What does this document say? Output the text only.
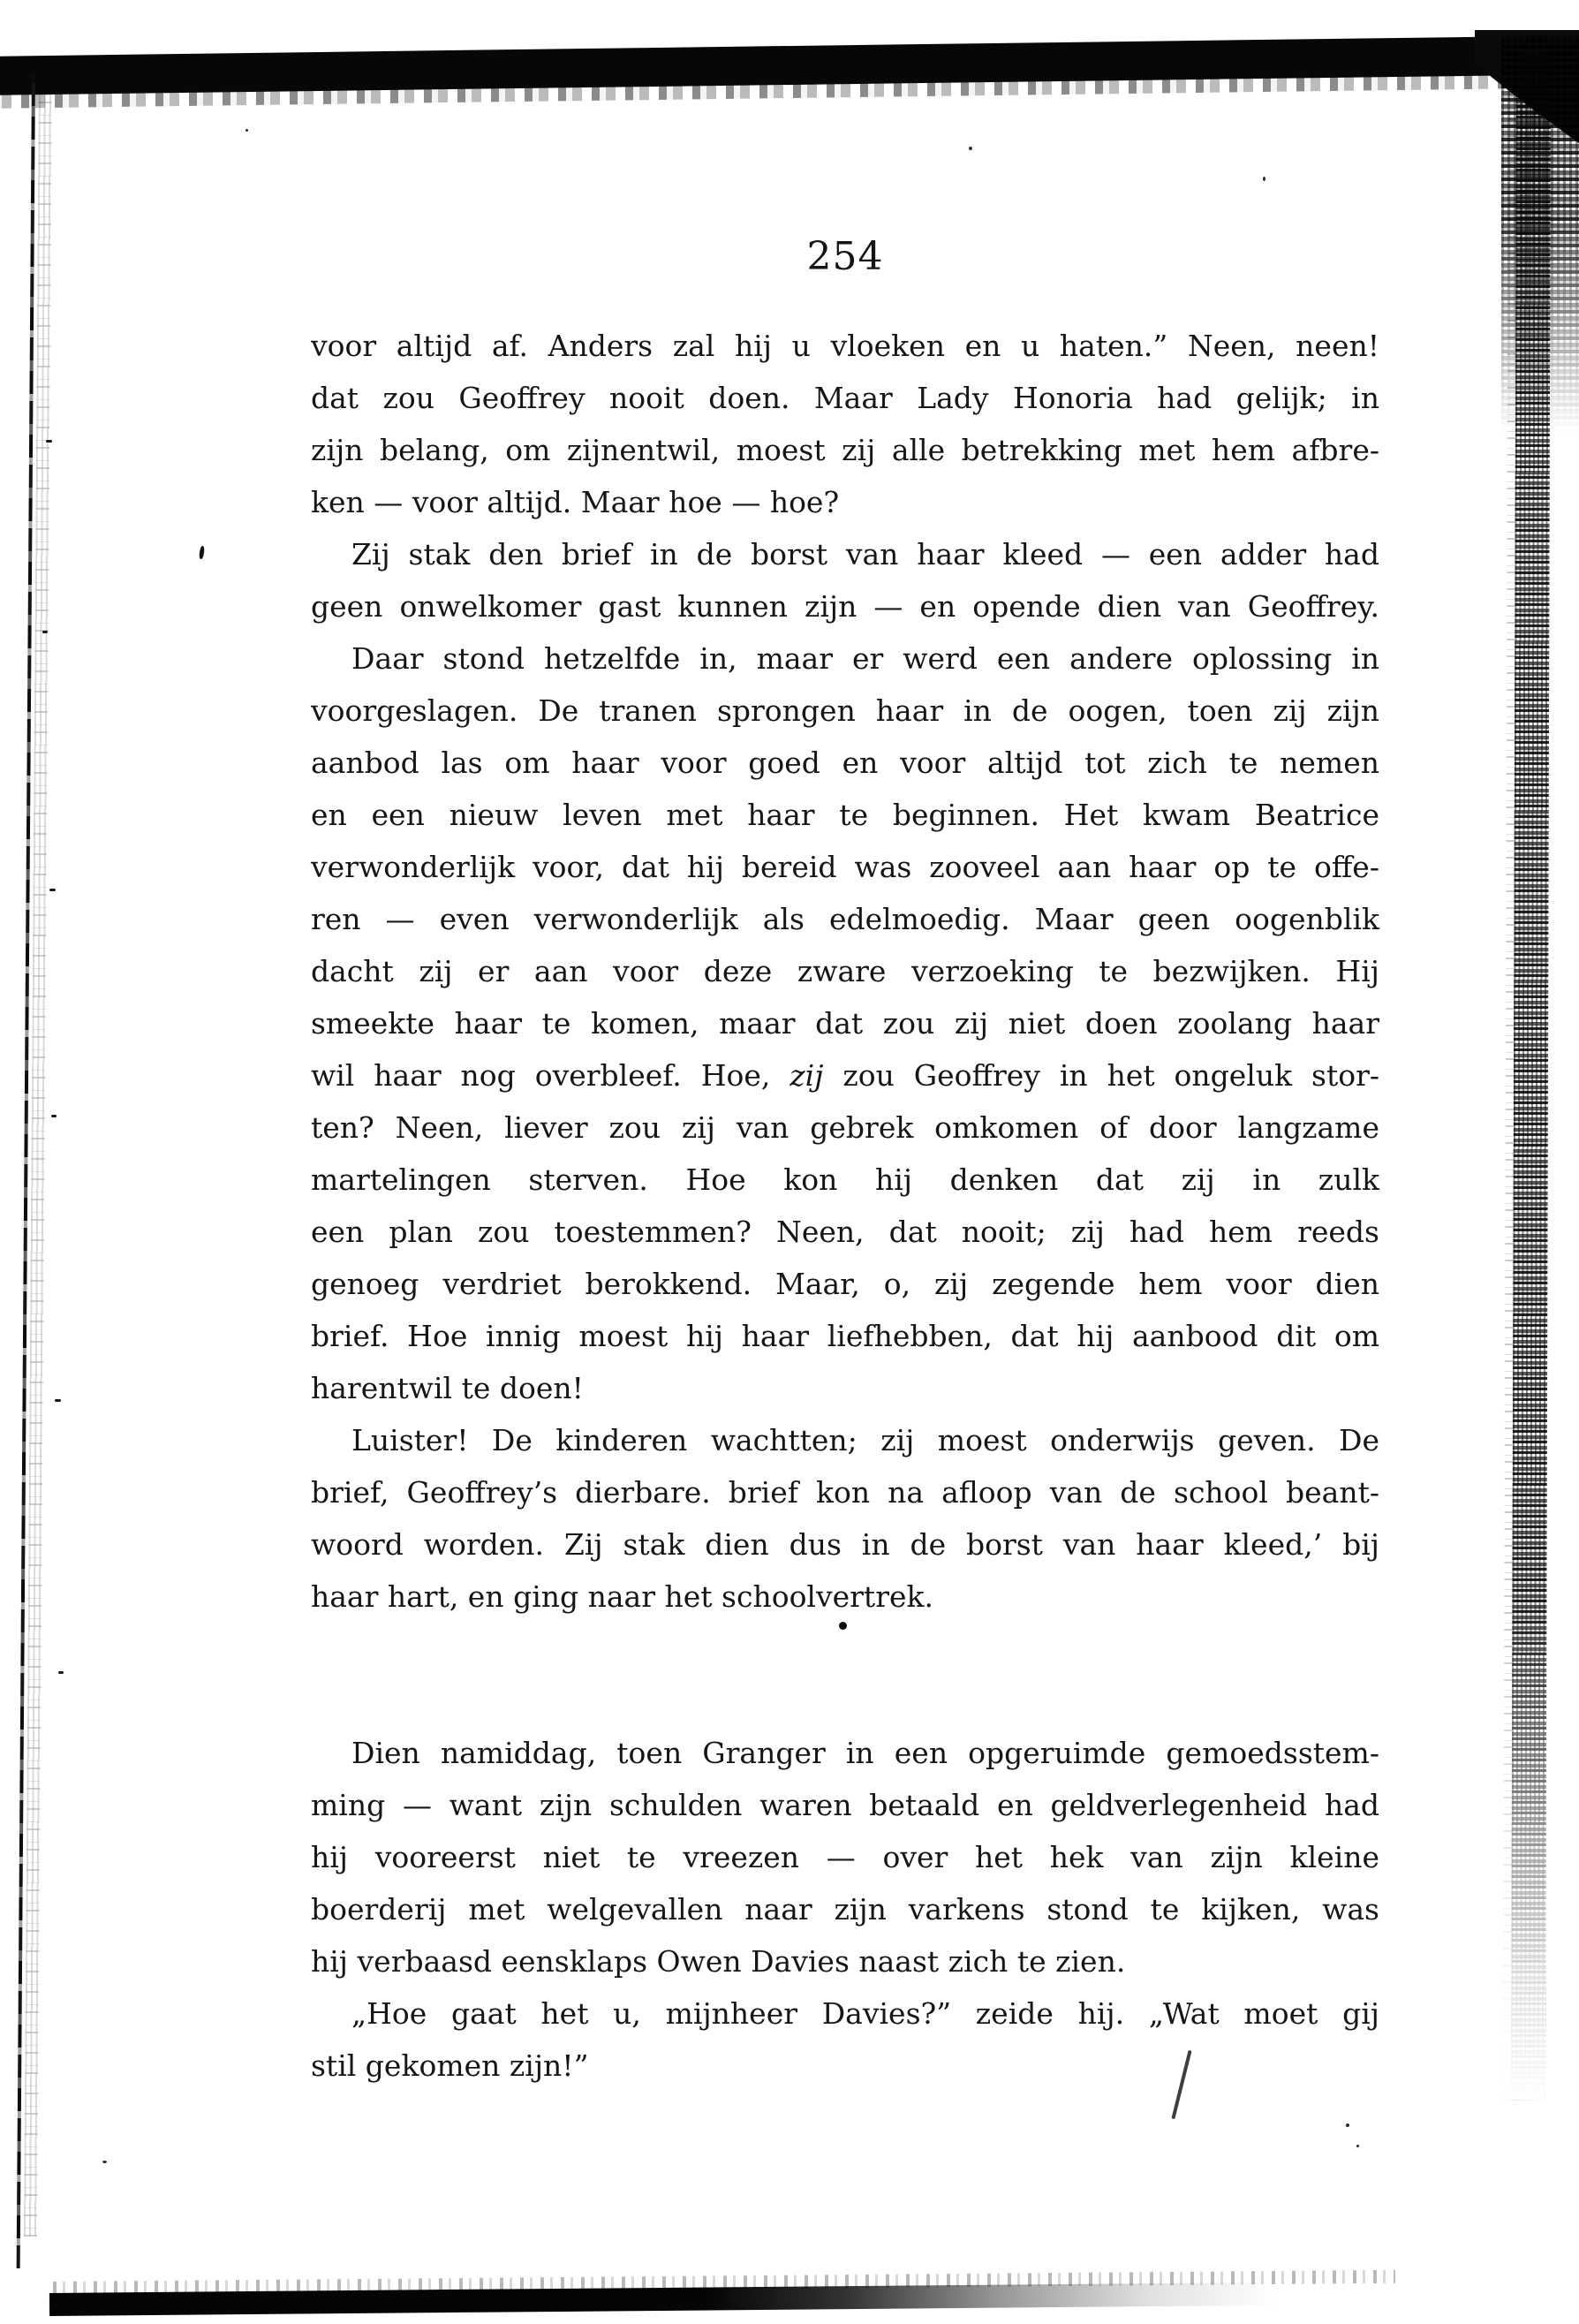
254
voor altijd af. Anders zal hij u vloeken en u haten.” Neen, neen!
dat zou Geoffrey nooit doen. Maar Lady Honoria had gelijk; in
zijn belang, om zijnentwil, moest zij alle betrekking met hem afbre-
ken — voor altijd. Maar hoe — hoe?
Zij stak den brief in de borst van haar kleed — een adder had
geen onwelkomer gast kunnen zijn — en opende dien van Geoffrey.
Daar stond hetzelfde in, maar er werd een andere oplossing in
voorgeslagen. De tranen sprongen haar in de oogen, toen zij zijn
aanbod las om haar voor goed en voor altijd tot zich te nemen
en een nieuw leven met haar te beginnen. Het kwam Beatrice
verwonderlijk voor, dat hij bereid was zooveel aan haar op te offe-
ren — even verwonderlijk als edelmoedig. Maar geen oogenblik
dacht zij er aan voor deze zware verzoeking te bezwijken. Hij
smeekte haar te komen, maar dat zou zij niet doen zoolang haar
wil haar nog overbleef. Hoe, zij zou Geoffrey in het ongeluk stor-
ten? Neen, liever zou zij van gebrek omkomen of door langzame
martelingen sterven. Hoe kon hij denken dat zij in zulk
een plan zou toestemmen? Neen, dat nooit; zij had hem reeds
genoeg verdriet berokkend. Maar, o, zij zegende hem voor dien
brief. Hoe innig moest hij haar liefhebben, dat hij aanbood dit om
harentwil te doen!
Luister! De kinderen wachtten; zij moest onderwijs geven. De
brief, Geoffrey’s dierbare. brief kon na afloop van de school beant-
woord worden. Zij stak dien dus in de borst van haar kleed,’ bij
haar hart, en ging naar het schoolvertrek.
Dien namiddag, toen Granger in een opgeruimde gemoedsstem-
ming — want zijn schulden waren betaald en geldverlegenheid had
hij vooreerst niet te vreezen — over het hek van zijn kleine
boerderij met welgevallen naar zijn varkens stond te kijken, was
hij verbaasd eensklaps Owen Davies naast zich te zien.
„Hoe gaat het u, mijnheer Davies?” zeide hij. „Wat moet gij
stil gekomen zijn!”
